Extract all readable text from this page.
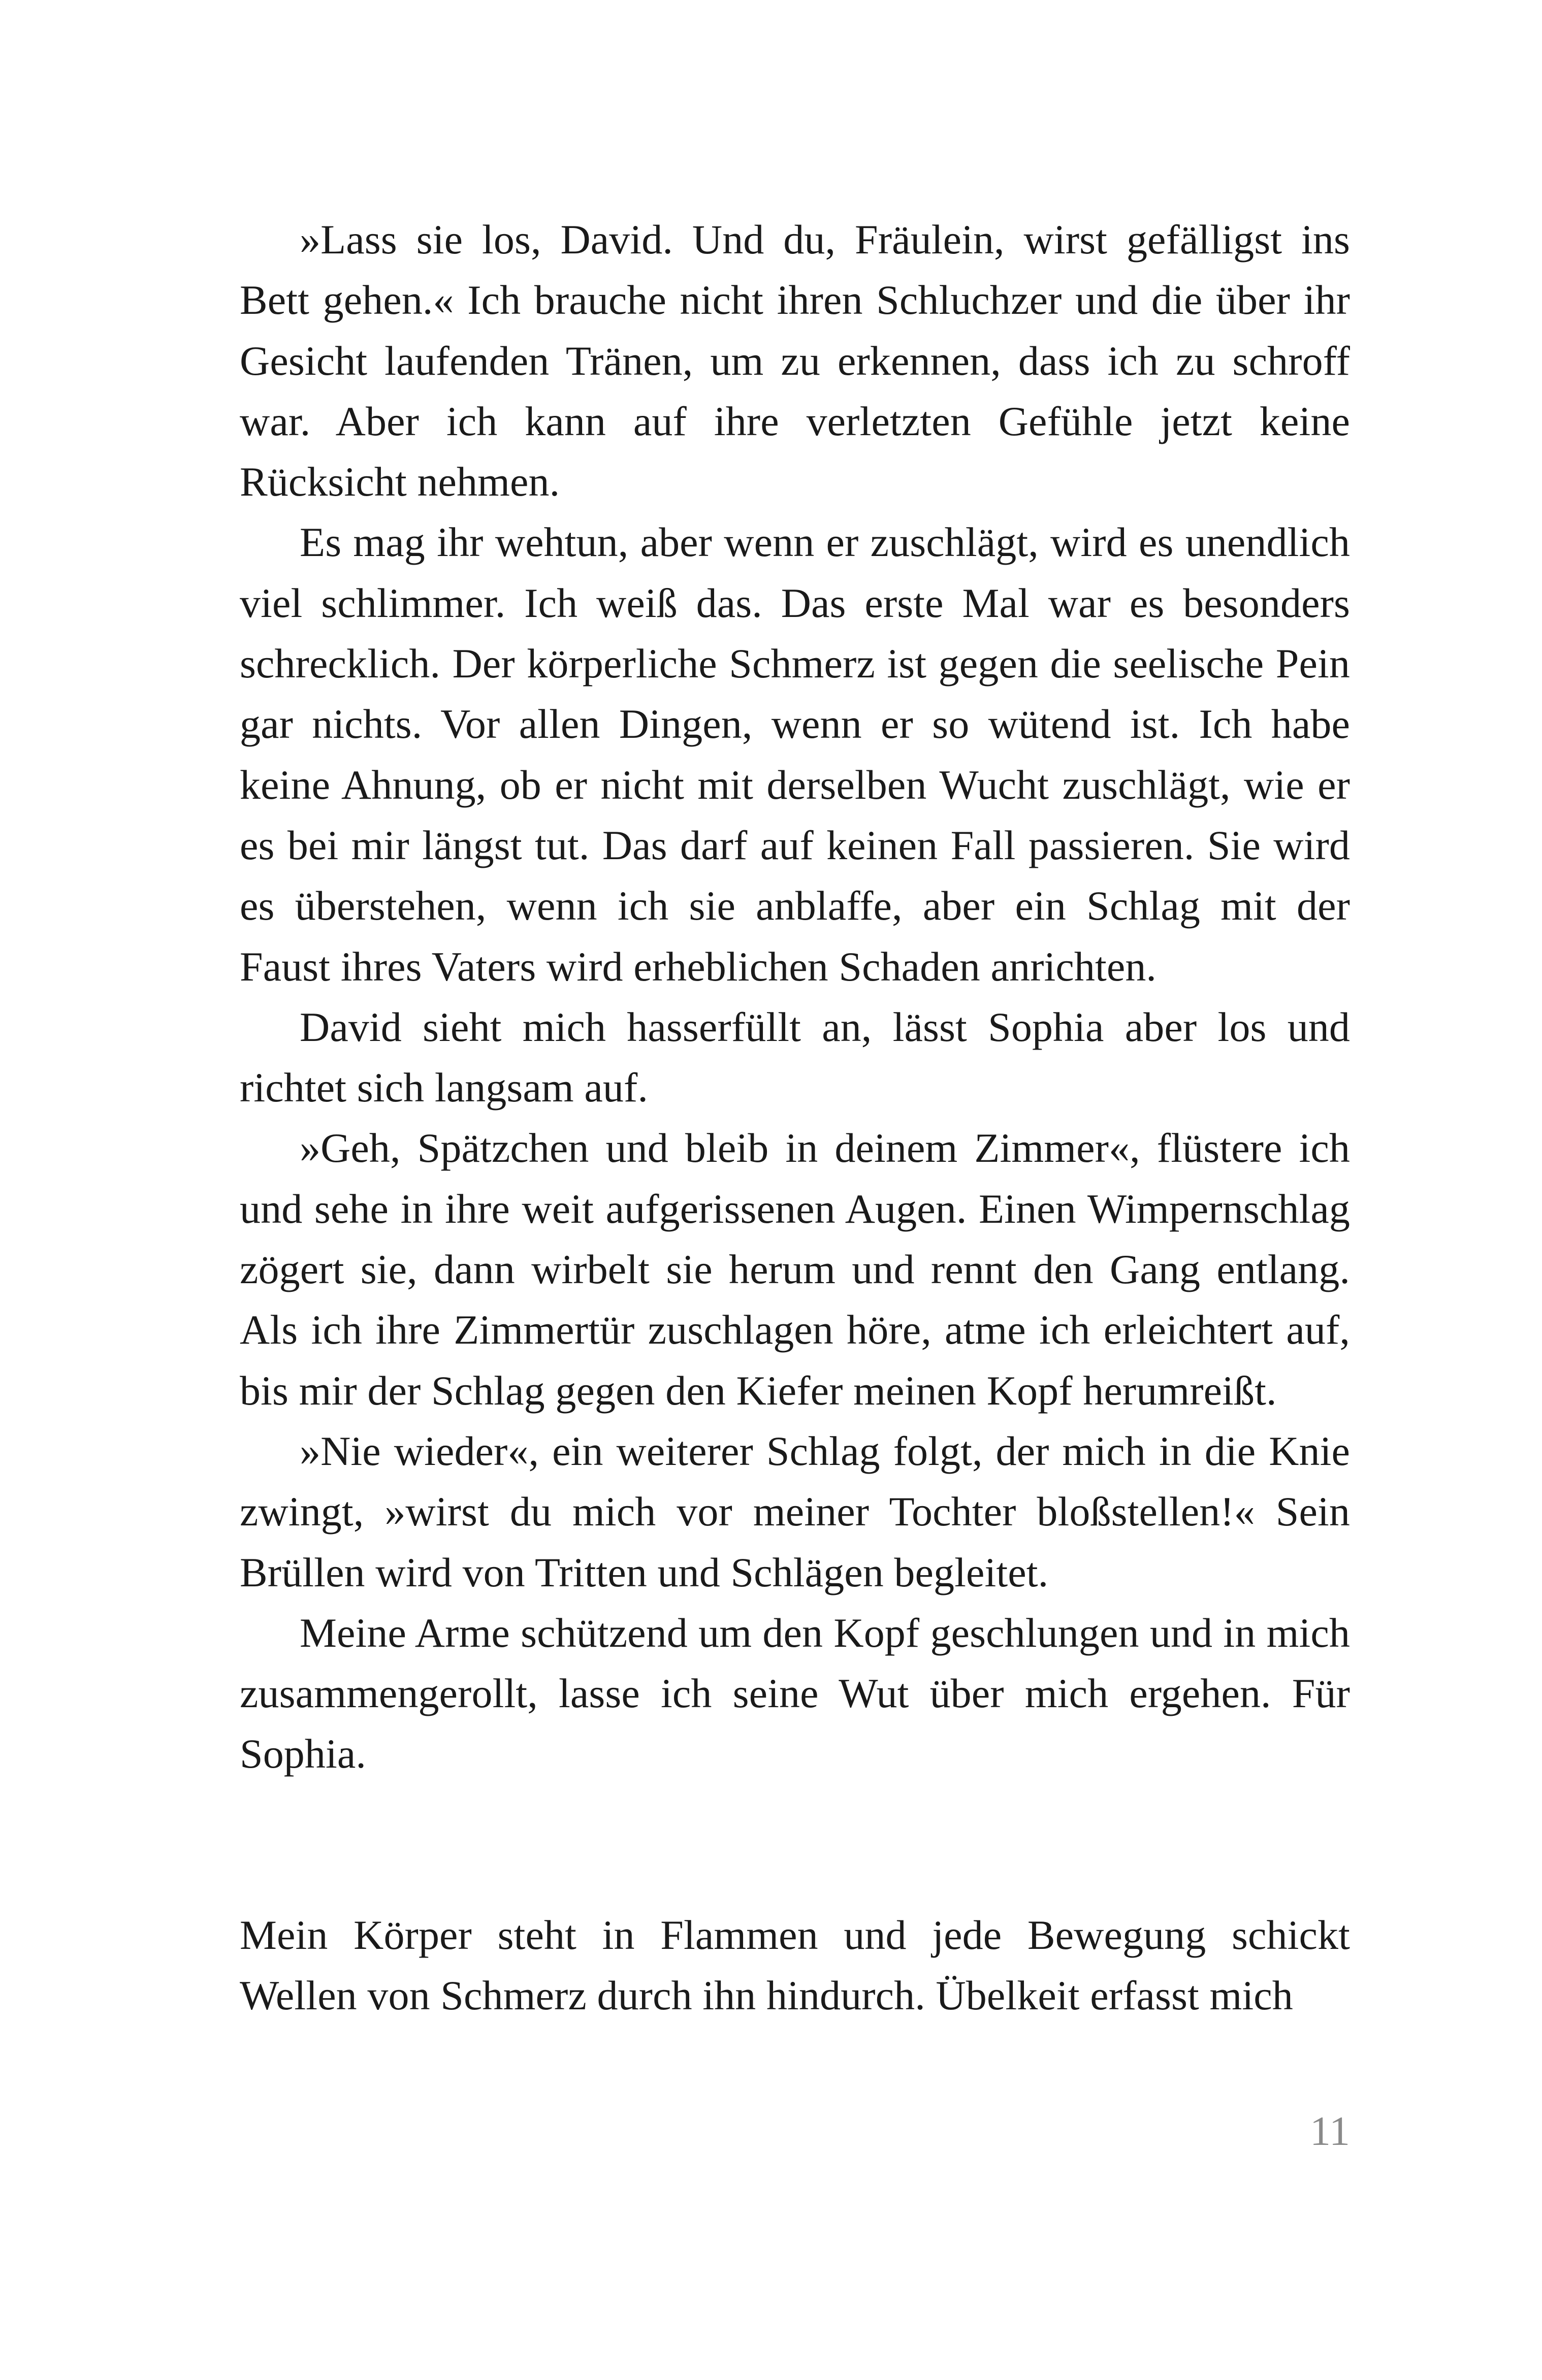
»Lass sie los, David. Und du, Fräulein, wirst gefälligst ins Bett gehen.« Ich brauche nicht ihren Schluchzer und die über ihr Gesicht laufenden Tränen, um zu erkennen, dass ich zu schroff war. Aber ich kann auf ihre verletzten Gefühle jetzt keine Rücksicht nehmen.

Es mag ihr wehtun, aber wenn er zuschlägt, wird es unendlich viel schlimmer. Ich weiß das. Das erste Mal war es besonders schrecklich. Der körperliche Schmerz ist gegen die seelische Pein gar nichts. Vor allen Dingen, wenn er so wütend ist. Ich habe keine Ahnung, ob er nicht mit derselben Wucht zuschlägt, wie er es bei mir längst tut. Das darf auf keinen Fall passieren. Sie wird es überstehen, wenn ich sie anblaffe, aber ein Schlag mit der Faust ihres Vaters wird erheblichen Schaden anrichten.

David sieht mich hasserfüllt an, lässt Sophia aber los und richtet sich langsam auf.

»Geh, Spätzchen und bleib in deinem Zimmer«, flüstere ich und sehe in ihre weit aufgerissenen Augen. Einen Wimpernschlag zögert sie, dann wirbelt sie herum und rennt den Gang entlang. Als ich ihre Zimmertür zuschlagen höre, atme ich erleichtert auf, bis mir der Schlag gegen den Kiefer meinen Kopf herumreißt.

»Nie wieder«, ein weiterer Schlag folgt, der mich in die Knie zwingt, »wirst du mich vor meiner Tochter bloßstellen!« Sein Brüllen wird von Tritten und Schlägen begleitet.

Meine Arme schützend um den Kopf geschlungen und in mich zusammengerollt, lasse ich seine Wut über mich ergehen. Für Sophia.

Mein Körper steht in Flammen und jede Bewegung schickt Wellen von Schmerz durch ihn hindurch. Übelkeit erfasst mich

11
